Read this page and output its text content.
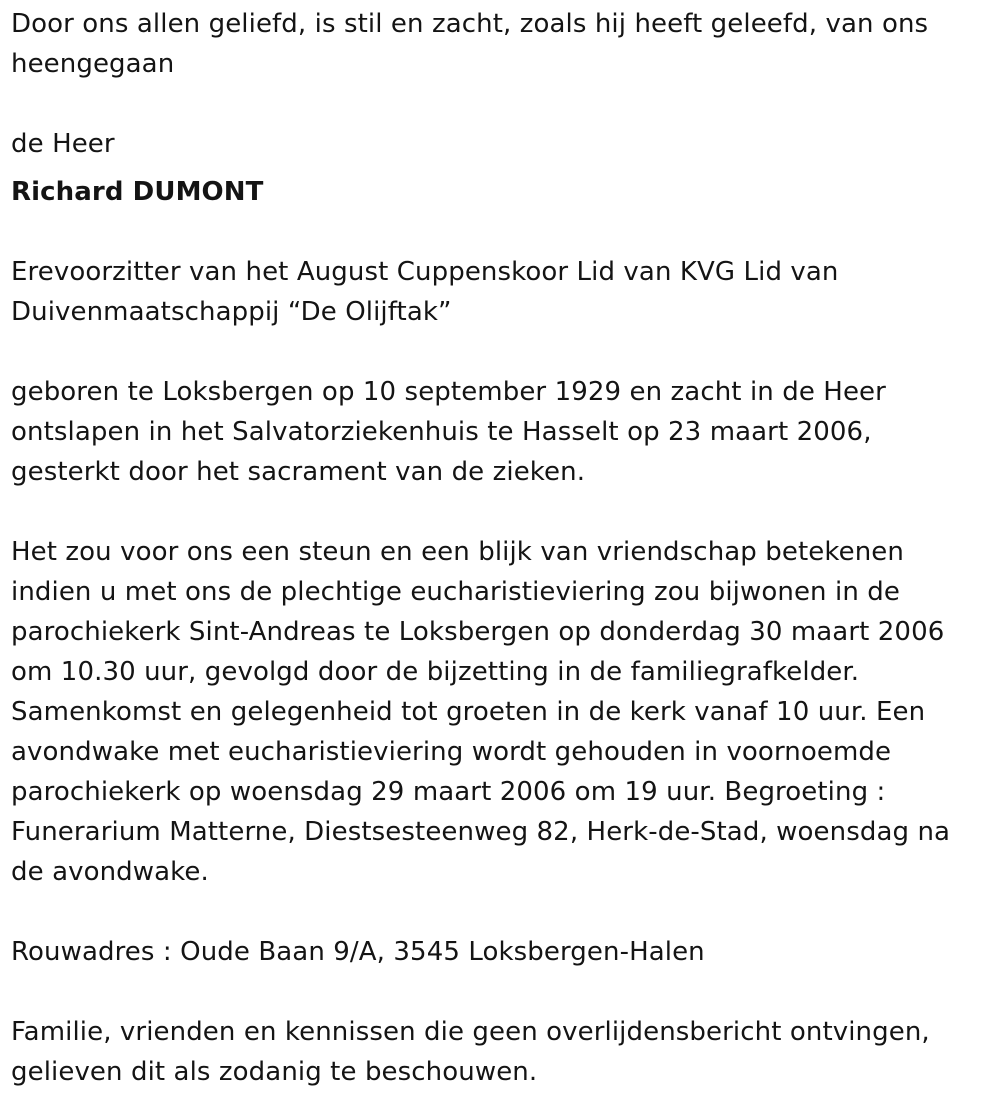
Door ons allen geliefd, is stil en zacht, zoals hij heeft geleefd, van ons heengegaan

de Heer

Richard DUMONT

Erevoorzitter van het August Cuppenskoor Lid van KVG Lid van Duivenmaatschappij “De Olijftak”

geboren te Loksbergen op 10 september 1929 en zacht in de Heer ontslapen in het Salvatorziekenhuis te Hasselt op 23 maart 2006, gesterkt door het sacrament van de zieken.

Het zou voor ons een steun en een blijk van vriendschap betekenen indien u met ons de plechtige eucharistieviering zou bijwonen in de parochiekerk Sint-Andreas te Loksbergen op donderdag 30 maart 2006 om 10.30 uur, gevolgd door de bijzetting in de familiegrafkelder. Samenkomst en gelegenheid tot groeten in de kerk vanaf 10 uur. Een avondwake met eucharistieviering wordt gehouden in voornoemde parochiekerk op woensdag 29 maart 2006 om 19 uur. Begroeting : Funerarium Matterne, Diestsesteenweg 82, Herk-de-Stad, woensdag na de avondwake.

Rouwadres : Oude Baan 9/A, 3545 Loksbergen-Halen

Familie, vrienden en kennissen die geen overlijdensbericht ontvingen, gelieven dit als zodanig te beschouwen.
